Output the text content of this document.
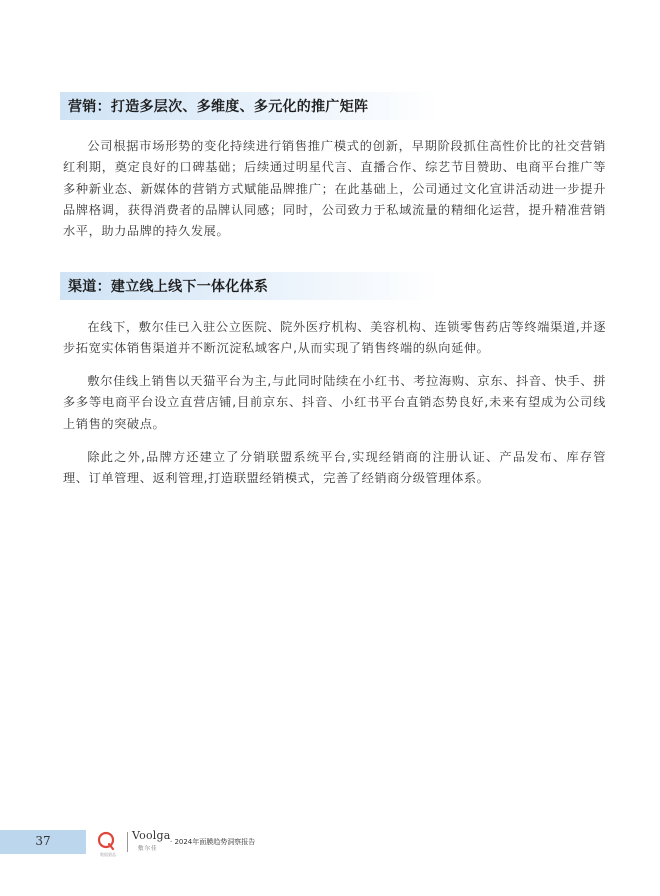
营销：打造多层次、多维度、多元化的推广矩阵

公司根据市场形势的变化持续进行销售推广模式的创新，早期阶段抓住高性价比的社交营销红利期，奠定良好的口碑基础；后续通过明星代言、直播合作、综艺节目赞助、电商平台推广等多种新业态、新媒体的营销方式赋能品牌推广；在此基础上，公司通过文化宣讲活动进一步提升品牌格调，获得消费者的品牌认同感；同时，公司致力于私域流量的精细化运营，提升精准营销水平，助力品牌的持久发展。

渠道：建立线上线下一体化体系

在线下，敷尔佳已入驻公立医院、院外医疗机构、美容机构、连锁零售药店等终端渠道,并逐步拓宽实体销售渠道并不断沉淀私域客户,从而实现了销售终端的纵向延伸。

敷尔佳线上销售以天猫平台为主,与此同时陆续在小红书、考拉海购、京东、抖音、快手、拼多多等电商平台设立直营店铺,目前京东、抖音、小红书平台直销态势良好,未来有望成为公司线上销售的突破点。

除此之外,品牌方还建立了分销联盟系统平台,实现经销商的注册认证、产品发布、库存管理、订单管理、返利管理,打造联盟经销模式，完善了经销商分级管理体系。

37
数据猎品
Voolga
敷尔佳
· 2024年面膜趋势洞察报告
